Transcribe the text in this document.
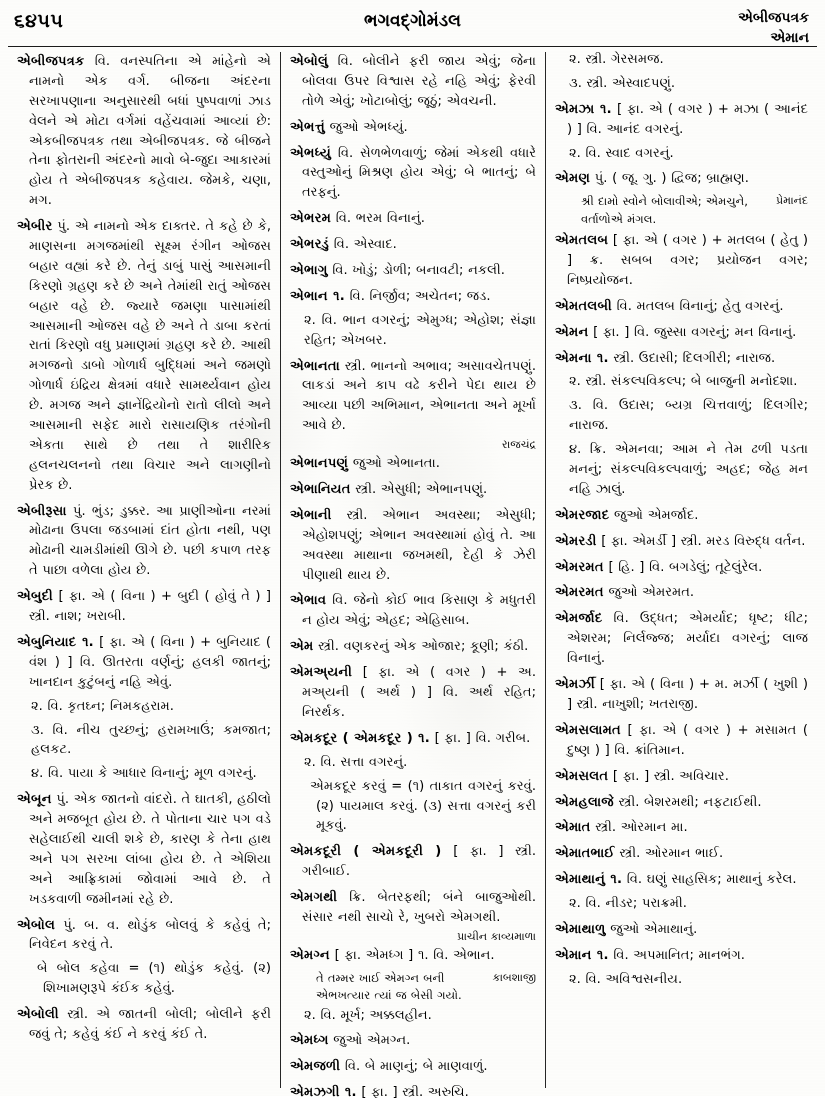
૬૪૫૫	ભગવદ્‌ગોમંડલ	એબીજપત્રક
એમાન

એબીજપત્રક વિ. વનસ્પતિના એ માંહેનો એ નામનો એક વર્ગ. બીજના અંદરના સરખાપણાના અનુસારથી બધાં પુષ્પવાળાં ઝાડ વેલને એ મોટા વર્ગમાં વહેંચવામાં આવ્યાં છે: એકબીજપત્રક તથા એબીજપત્રક. જે બીજને તેના ફોતરાની અંદરનો માવો બે-જુદા આકારમાં હોય તે એબીજપત્રક કહેવાય. જેમકે, ચણા, મગ.

એબીર પું. એ નામનો એક દાક્તર. તે કહે છે કે, માણસના મગજમાંથી સૂક્ષ્મ રંગીન ઓજસ બહાર વહ્યાં કરે છે. તેનું ડાબું પાસું આસમાની કિરણો ગ્રહણ કરે છે અને તેમાંથી રાતું ઓજસ બહાર વહે છે. જ્યારે જમણા પાસામાંથી આસમાની ઓજસ વહે છે અને તે ડાબા કરતાં રાતાં કિરણો વધુ પ્રમાણમાં ગ્રહણ કરે છે. આથી મગજનો ડાબો ગોળાર્ધ બુદ્ધિમાં અને જમણો ગોળાર્ધ ઇંદ્રિય ક્ષેત્રમાં વધારે સામર્થ્યવાન હોય છે. મગજ અને જ્ઞાનેંદ્રિયોનો રાતો લીલો અને આસમાની સફેદ મારો રાસાયણિક તરંગોની એકતા સાથે છે તથા તે શારીરિક હલનચલનનો તથા વિચાર અને લાગણીનો પ્રેરક છે.

એબીરૂસા પું. ભુંડ; ડુક્કર. આ પ્રાણીઓના નરમાં મોઢાના ઉપલા જડબામાં દાંત હોતા નથી, પણ મોઢાની ચામડીમાંથી ઊગે છે. પછી કપાળ તરફ તે પાછા વળેલા હોય છે.

એબુદી [ ફા. એ ( વિના ) + બુદી ( હોવું તે ) ] સ્ત્રી. નાશ; ખરાબી.

એબુનિયાદ ૧. [ ફા. એ ( વિના ) + બુનિયાદ ( વંશ ) ] વિ. ઊતરતા વર્ણનું; હલકી જાતનું; ખાનદાન કુટુંબનું નહિ એવું.

૨. વિ. કૃતઘ્ન; નિમકહરામ.

૩. વિ. નીચ તુચ્છનું; હરામખાઉં; કમજાત; હલકટ.

૪. વિ. પાયા કે આધાર વિનાનું; મૂળ વગરનું.

એબૂન પું. એક જાતનો વાંદરો. તે ઘાતકી, હઠીલો અને મજબૂત હોય છે. તે પોતાના ચાર પગ વડે સહેલાઈથી ચાલી શકે છે, કારણ કે તેના હાથ અને પગ સરખા લાંબા હોય છે. તે એશિયા અને આફ્રિકામાં જોવામાં આવે છે. તે ખડકવાળી જમીનમાં રહે છે.

એબોલ પું. બ. વ. થોડુંક બોલવું કે કહેવું તે; નિવેદન કરવું તે.

બે બોલ કહેવા = (૧) થોડુંક કહેવું. (૨) શિખામણરૂપે કંઈક કહેવું.

એબોલી સ્ત્રી. એ જાતની બોલી; બોલીને ફરી જવું તે; કહેવું કંઈ ને કરવું કંઈ તે.

એબોલું વિ. બોલીને ફરી જાય એવું; જેના બોલવા ઉપર વિશ્વાસ રહે નહિ એવું; ફેરવી તોળે એવું; ખોટાબોલું; જૂઠું; એવચની.

એભત્તું જુઓ એભધ્યું.

એભધ્યું વિ. સેળભેળવાળું; જેમાં એકથી વધારે વસ્તુઓનું મિશ્રણ હોય એવું; બે ભાતનું; બે તરફનું.

એભરમ વિ. ભરમ વિનાનું.

એભરડું વિ. એસ્વાદ.

એભાગુ વિ. ખોડું; ડોળી; બનાવટી; નકલી.

એભાન ૧. વિ. નિર્જીવ; અચેતન; જડ.

૨. વિ. ભાન વગરનું; એમુગ્ધ; એહોશ; સંજ્ઞા રહિત; એખબર.

એભાનતા સ્ત્રી. ભાનનો અભાવ; અસાવચેતપણું. લાકડાં અને કાપ વઢે કરીને પેદા થાય છે આવ્યા પછી અભિમાન, એભાનતા અને મૂર્ખા આવે છે.

રાજચંદ્ર

એભાનપણું જુઓ એભાનતા.

એભાનિયત સ્ત્રી. એસુધી; એભાનપણું.

એભાની સ્ત્રી. એભાન અવસ્થા; એસુધી; એહોશપણું; એભાન અવસ્થામાં હોવું તે. આ અવસ્થા માથાના જખમથી, દેહી કે ઝેરી પીણાથી થાય છે.

એભાવ વિ. જેનો કોઈ ભાવ કિસાણ કે મધુતરી ન હોય એવું; એહદ; એહિસાબ.

એમ સ્ત્રી. વણકરનું એક ઓજાર; કૂણી; કંઠી.

એમઅ્યની [ ફા. એ ( વગર ) + અ. મઅ્યની ( અર્થ ) ] વિ. અર્થ રહિત; નિરર્થક.

એમકદૂર ( એમકદૂર ) ૧. [ ફા. ] વિ. ગરીબ.

૨. વિ. સત્તા વગરનું.

એમકદૂર કરવું = (૧) તાકાત વગરનું કરવું. (૨) પાયમાલ કરવું. (૩) સત્તા વગરનું કરી મૂકવું.

એમકદૂરી ( એમકદૂરી ) [ ફા. ] સ્ત્રી. ગરીબાઈ.

એમગથી ક્રિ. બેતરફથી; બંને બાજુઓથી. સંસાર નથી સાચો રે, ખુબરો એમગથી.

પ્રાચીન કાવ્યમાળા

એમગ્ન [ ફા. એમધ્ગ ] ૧. વિ. એભાન.

કાબશાજી
તે તમ્મર ખાઈ એમગ્ન બની એભખત્યાર ત્યાં જ બેસી ગયો.

૨. વિ. મૂર્ખ; અક્કલહીન.

એમધ્ગ જુઓ એમગ્ન.

એમજળી વિ. બે માણનું; બે માણવાળું.

એમઝગી ૧. [ ફા. ] સ્ત્રી. અરુચિ.

૨. સ્ત્રી. ગેરસમજ.

૩. સ્ત્રી. એસ્વાદપણું.

એમઝા ૧. [ ફા. એ ( વગર ) + મઝા ( આનંદ ) ] વિ. આનંદ વગરનું.

૨. વિ. સ્વાદ વગરનું.

એમણ પું. ( જૂ. ગુ. ) દ્વિજ; બ્રાહ્મણ.

પ્રેમાનંદ
શ્રી દામો સ્વોને બોલાવીએ; એમચુને, વર્તાળોએ મંગલ.

એમતલબ [ ફા. એ ( વગર ) + મતલબ ( હેતુ ) ] ક્ર. સબબ વગર; પ્રયોજન વગર; નિષ્પ્રયોજન.

એમતલબી વિ. મતલબ વિનાનું; હેતુ વગરનું.

એમન [ ફા. ] વિ. જુસ્સા વગરનું; મન વિનાનું.

એમના ૧. સ્ત્રી. ઉદાસી; દિલગીરી; નારાજ.

૨. સ્ત્રી. સંકલ્પવિકલ્પ; બે બાજુની મનોદશા.

૩. વિ. ઉદાસ; બ્યગ્ર ચિત્તવાળું; દિલગીર; નારાજ.

૪. ક્રિ. એમનવા; આમ ને તેમ ઢળી પડતા મનનું; સંકલ્પવિકલ્પવાળું; અહદ; જેહ મન નહિ ઝાલું.

એમરજાદ જુઓ એમર્જાદ.

એમરડી [ ફા. એમર્ડી ] સ્ત્રી. મરડ વિરુદ્ધ વર્તન.

એમરમત [ હિ. ] વિ. બગડેલું; તૂટેલુંરેલ.

એમરમત જુઓ એમરમત.

એમર્જાદ વિ. ઉદ્ધત; એમર્યાદ; ધૃષ્ટ; ધીટ; એશરમ; નિર્લજ્જ; મર્યાદા વગરનું; લાજ વિનાનું.

એમર્ઝી [ ફા. એ ( વિના ) + મ. મર્ઝી ( ખુશી ) ] સ્ત્રી. નાખુશી; ખતરાજી.

એમસલામત [ ફા. એ ( વગર ) + મસામત ( દુષ્ણ ) ] વિ. ક્રાંતિમાન.

એમસલત [ ફા. ] સ્ત્રી. અવિચાર.

એમહલાજે સ્ત્રી. બેશરમથી; નફટાઈથી.

એમાત સ્ત્રી. ઓરમાન મા.

એમાતભાઈ સ્ત્રી. ઓરમાન ભાઈ.

એમાથાનું ૧. વિ. ઘણું સાહસિક; માથાનું કરેલ.

૨. વિ. નીડર; પરાક્રમી.

એમાથાળુ જુઓ એમાથાનું.

એમાન ૧. વિ. અપમાનિત; માનભંગ.

૨. વિ. અવિશ્વસનીય.
